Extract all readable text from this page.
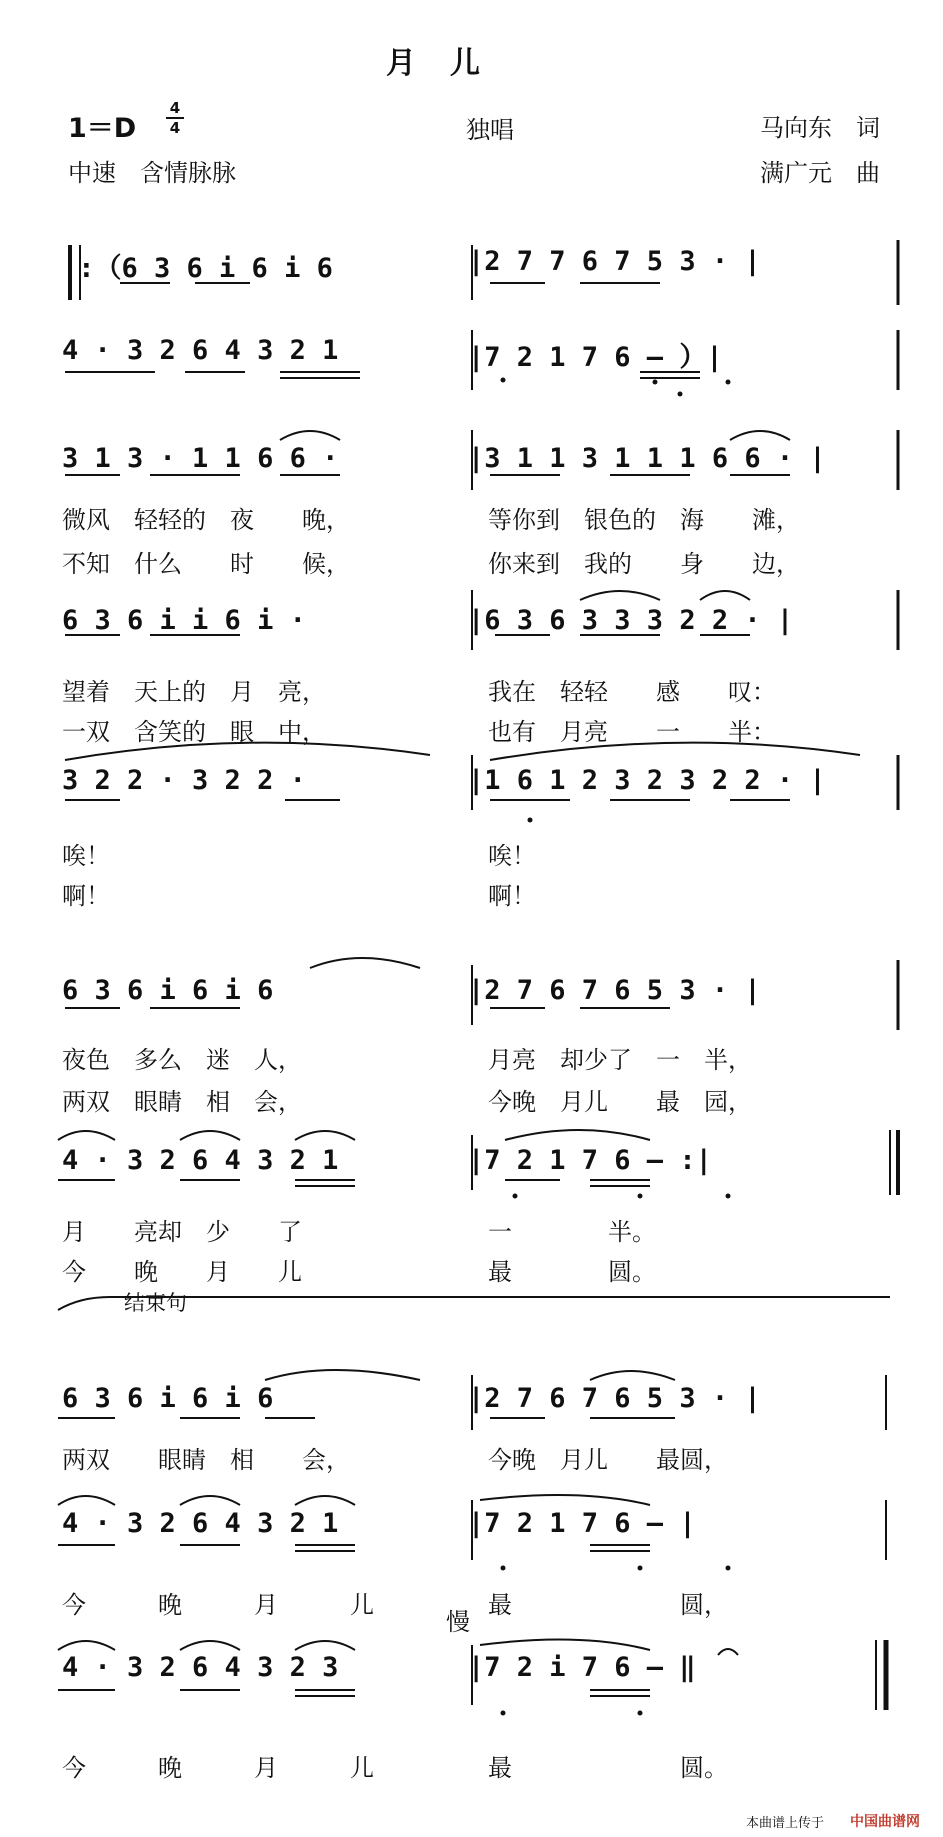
月儿
1＝D
4
4	独唱	马向东　词
中速　含情脉脉	满广元　曲
|:（6 3 6 i 6 i 6	|2 7 7 6 7 5 3 · |
4 · 3 2 6 4 3 2 1	|7 2 1 7 6 — ）|
3 1 3 · 1 1 6 6 ·	|3 1 1 3 1 1 1 6 6 · |
微风　轻轻的　夜　　晚，	等你到　银色的　海　　滩，
不知　什么　　时　　候，	你来到　我的　　身　　边，
6 3 6 i i 6 i ·	|6 3 6 3 3 3 2 2 · |
望着　天上的　月　亮，	我在　轻轻　　感　　叹：
一双　含笑的　眼　中，	也有　月亮　　一　　半：
3 2 2 · 3 2 2 ·	|1 6 1 2 3 2 3 2 2 · |
唉！	唉！
啊！	啊！
6 3 6 i 6 i 6	|2 7 6 7 6 5 3 · |
夜色　多么　迷　人，	月亮　却少了　一　半，
两双　眼睛　相　会，	今晚　月儿　　最　园，
4 · 3 2 6 4 3 2 1	|7 2 1 7 6 — :|
月　　亮却　少　　了	一　　　　半。
今　　晚　　月　　儿	最　　　　圆。
6 3 6 i 6 i 6	|2 7 6 7 6 5 3 · |
两双　　眼睛　相　　会，	今晚　月儿　　最圆，
4 · 3 2 6 4 3 2 1	|7 2 1 7 6 — |
今　　　晚　　　月　　　儿	最　　　　　　　圆，
4 · 3 2 6 4 3 2 3	|7 2 i 7 6 — ‖
今　　　晚　　　月　　　儿	最　　　　　　　圆。
结束句
慢
本曲谱上传于 中国曲谱网
